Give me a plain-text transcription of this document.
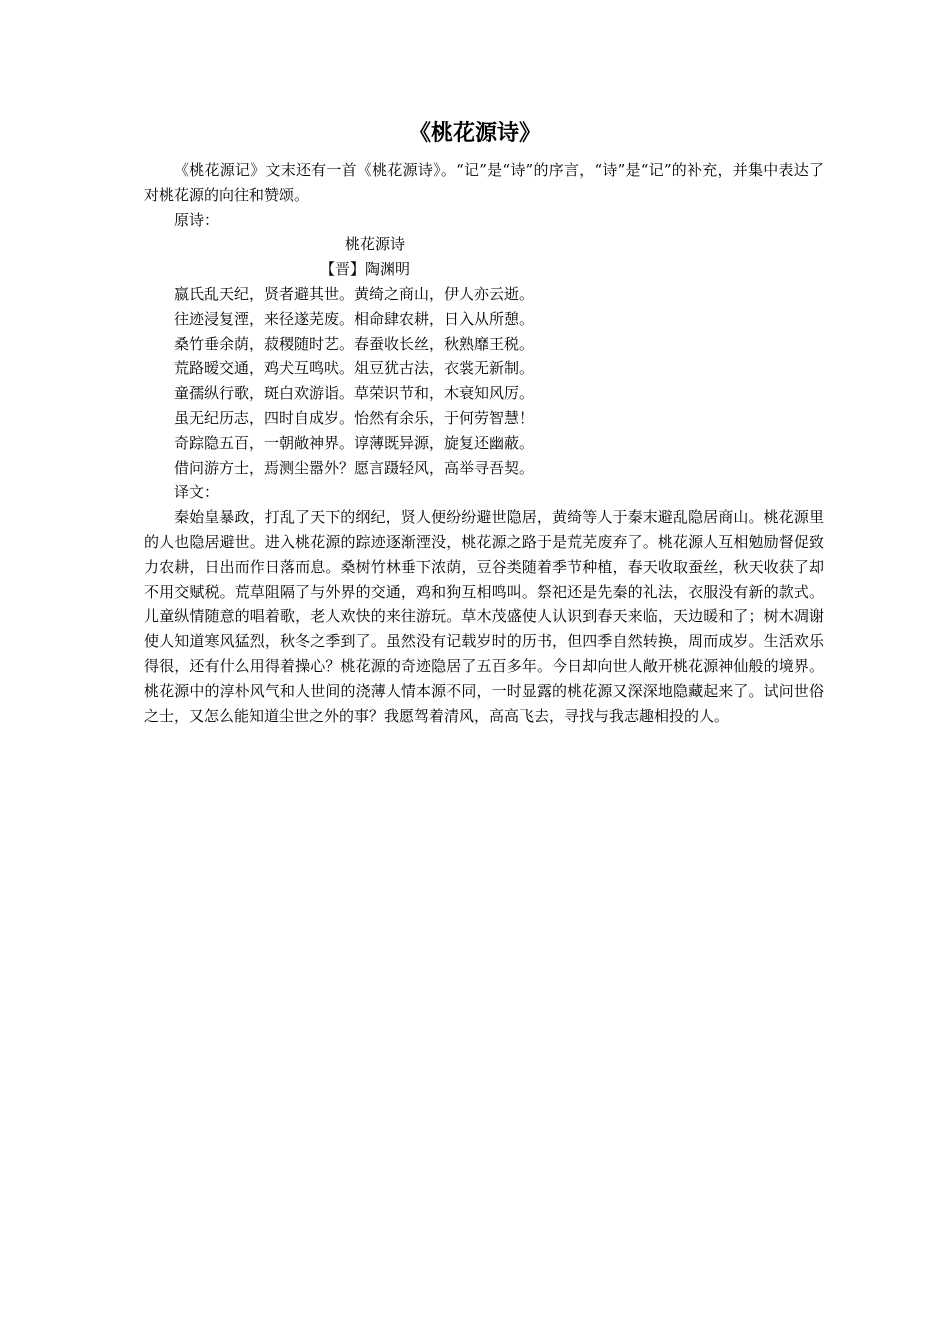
《桃花源诗》

《桃花源记》文末还有一首《桃花源诗》。“记”是“诗”的序言，“诗”是“记”的补充，并集中表达了对桃花源的向往和赞颂。

原诗：

桃花源诗

【晋】陶渊明

嬴氏乱天纪，贤者避其世。黄绮之商山，伊人亦云逝。

往迹浸复湮，来径遂芜废。相命肆农耕，日入从所憩。

桑竹垂余荫，菽稷随时艺。春蚕收长丝，秋熟靡王税。

荒路暧交通，鸡犬互鸣吠。俎豆犹古法，衣裳无新制。

童孺纵行歌，斑白欢游诣。草荣识节和，木衰知风厉。

虽无纪历志，四时自成岁。怡然有余乐，于何劳智慧！

奇踪隐五百，一朝敞神界。谆薄既异源，旋复还幽蔽。

借问游方士，焉测尘嚣外？愿言蹑轻风，高举寻吾契。

译文：

秦始皇暴政，打乱了天下的纲纪，贤人便纷纷避世隐居，黄绮等人于秦末避乱隐居商山。桃花源里的人也隐居避世。进入桃花源的踪迹逐渐湮没，桃花源之路于是荒芜废弃了。桃花源人互相勉励督促致力农耕，日出而作日落而息。桑树竹林垂下浓荫，豆谷类随着季节种植，春天收取蚕丝，秋天收获了却不用交赋税。荒草阻隔了与外界的交通，鸡和狗互相鸣叫。祭祀还是先秦的礼法，衣服没有新的款式。儿童纵情随意的唱着歌，老人欢快的来往游玩。草木茂盛使人认识到春天来临，天边暖和了；树木凋谢使人知道寒风猛烈，秋冬之季到了。虽然没有记载岁时的历书，但四季自然转换，周而成岁。生活欢乐得很，还有什么用得着操心？桃花源的奇迹隐居了五百多年。今日却向世人敞开桃花源神仙般的境界。桃花源中的淳朴风气和人世间的浇薄人情本源不同，一时显露的桃花源又深深地隐藏起来了。试问世俗之士，又怎么能知道尘世之外的事？我愿驾着清风，高高飞去，寻找与我志趣相投的人。
